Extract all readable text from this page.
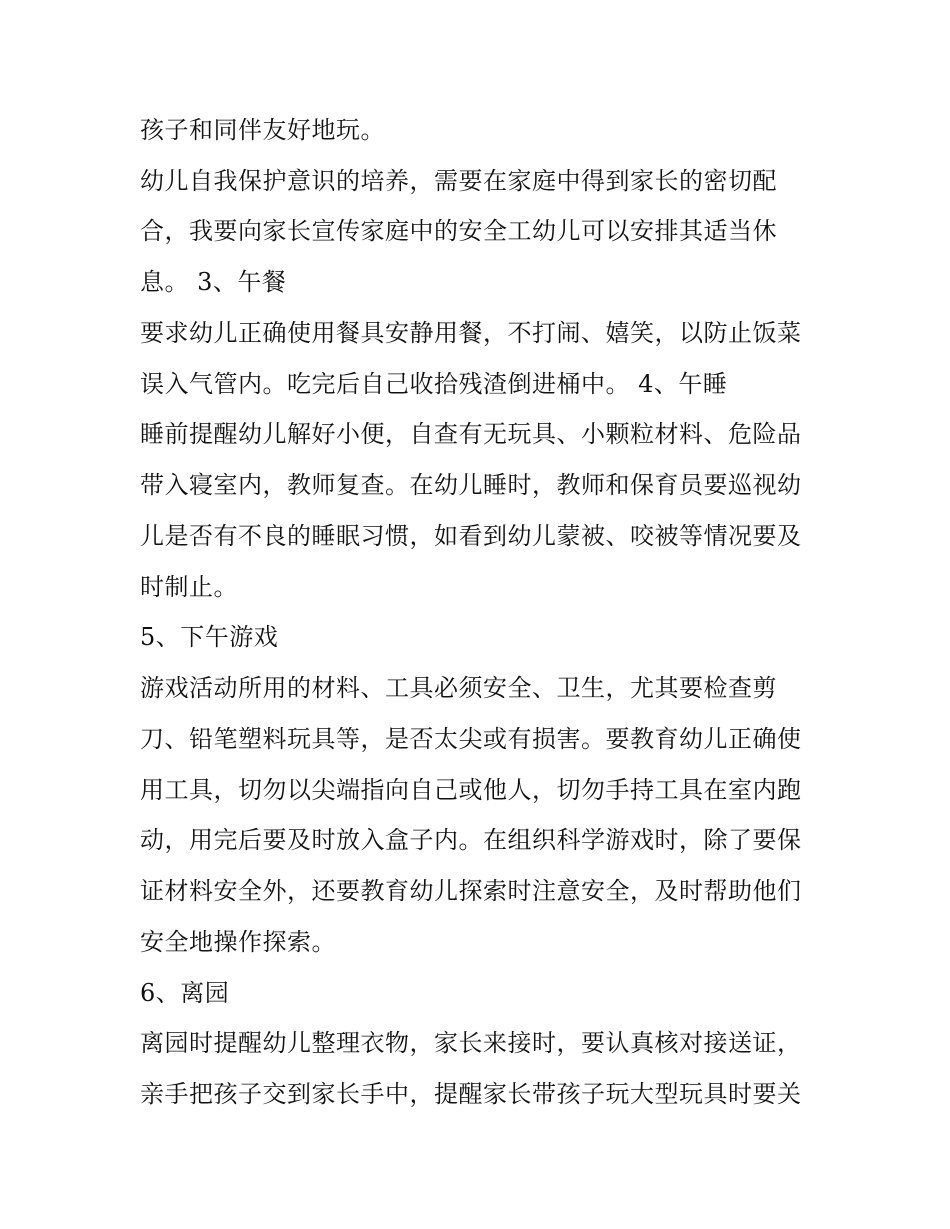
孩子和同伴友好地玩。
幼儿自我保护意识的培养，需要在家庭中得到家长的密切配
合，我要向家长宣传家庭中的安全工幼儿可以安排其适当休
息。 3、午餐
要求幼儿正确使用餐具安静用餐，不打闹、嬉笑，以防止饭菜
误入气管内。吃完后自己收拾残渣倒进桶中。 4、午睡
睡前提醒幼儿解好小便，自查有无玩具、小颗粒材料、危险品
带入寝室内，教师复查。在幼儿睡时，教师和保育员要巡视幼
儿是否有不良的睡眠习惯，如看到幼儿蒙被、咬被等情况要及
时制止。
5、下午游戏
游戏活动所用的材料、工具必须安全、卫生，尤其要检查剪
刀、铅笔塑料玩具等，是否太尖或有损害。要教育幼儿正确使
用工具，切勿以尖端指向自己或他人，切勿手持工具在室内跑
动，用完后要及时放入盒子内。在组织科学游戏时，除了要保
证材料安全外，还要教育幼儿探索时注意安全，及时帮助他们
安全地操作探索。
6、离园
离园时提醒幼儿整理衣物，家长来接时，要认真核对接送证，
亲手把孩子交到家长手中，提醒家长带孩子玩大型玩具时要关
